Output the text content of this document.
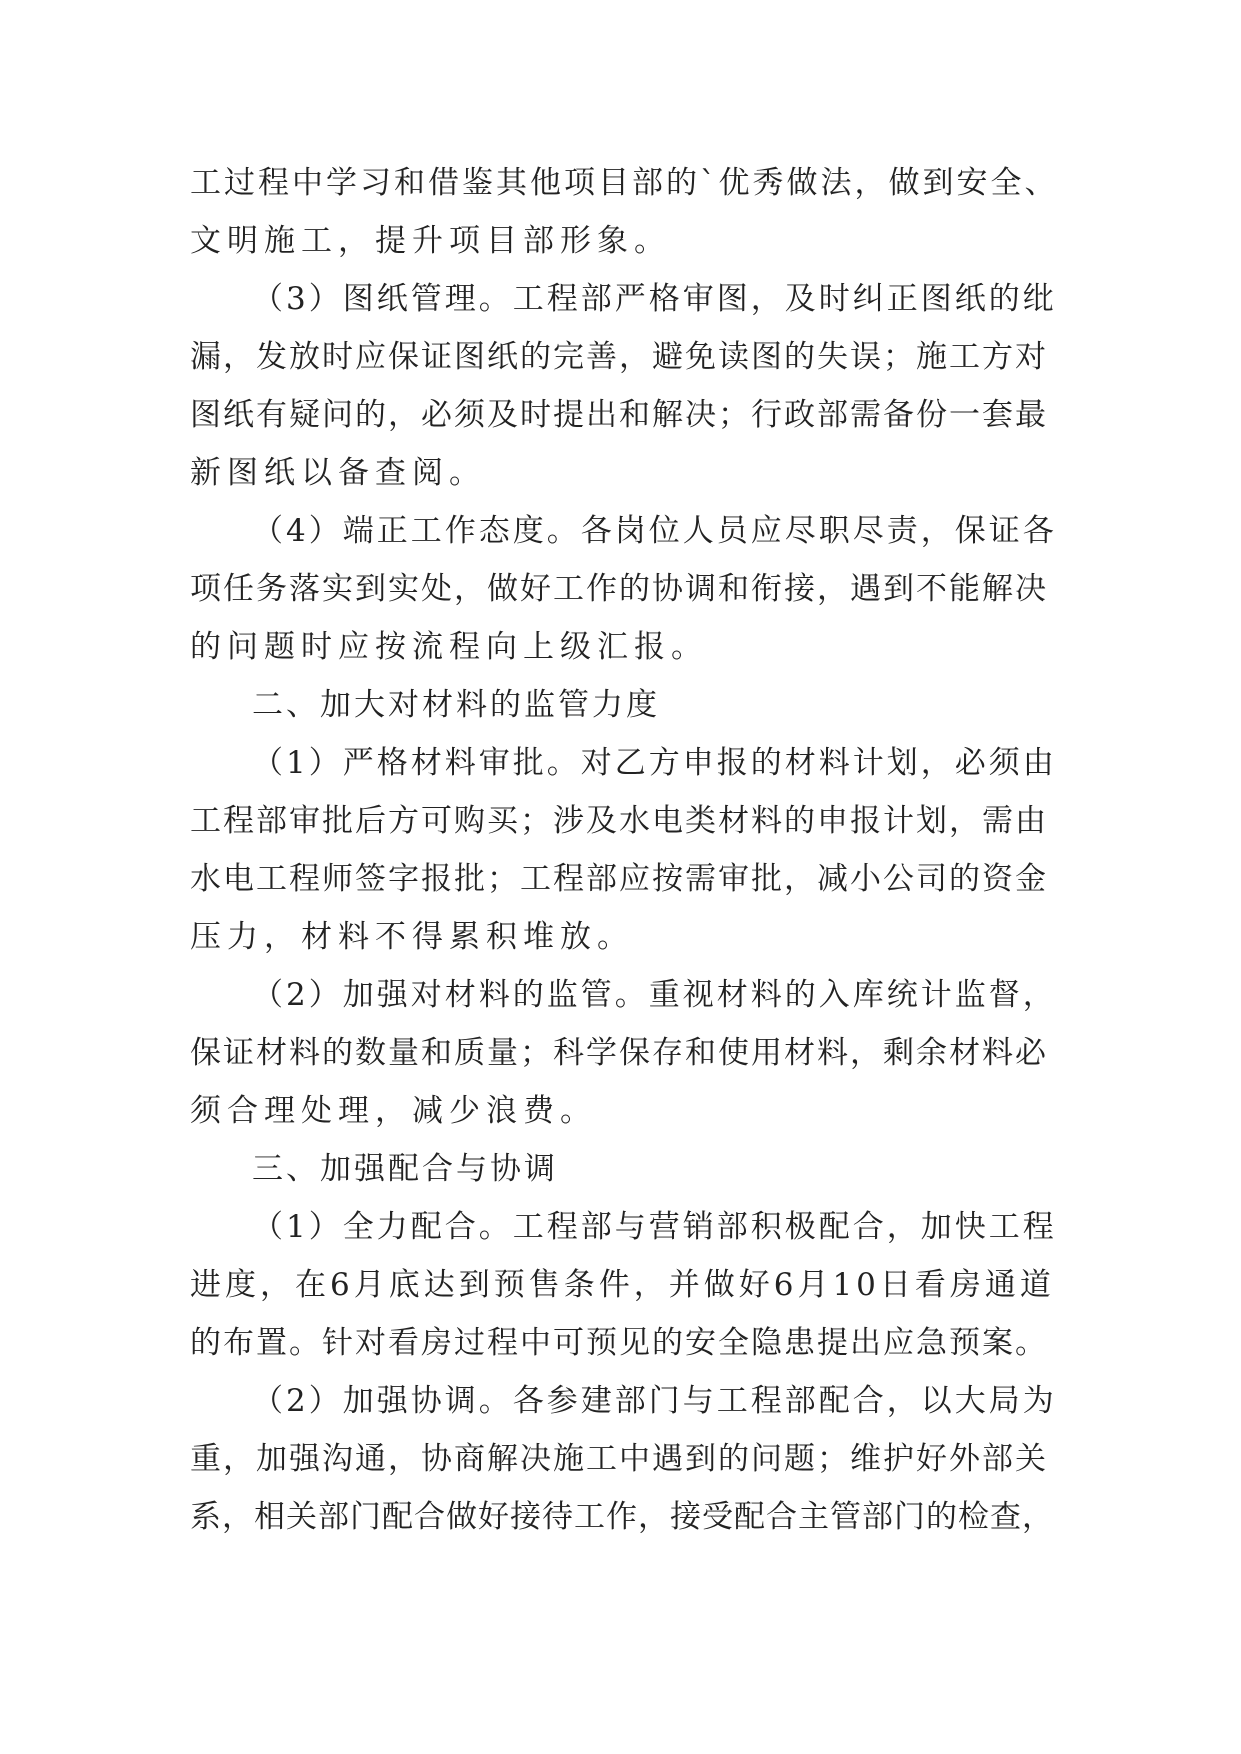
工过程中学习和借鉴其他项目部的`优秀做法，做到安全、
文明施工，提升项目部形象。
（3）图纸管理。工程部严格审图，及时纠正图纸的纰
漏，发放时应保证图纸的完善，避免读图的失误；施工方对
图纸有疑问的，必须及时提出和解决；行政部需备份一套最
新图纸以备查阅。
（4）端正工作态度。各岗位人员应尽职尽责，保证各
项任务落实到实处，做好工作的协调和衔接，遇到不能解决
的问题时应按流程向上级汇报。
二、加大对材料的监管力度
（1）严格材料审批。对乙方申报的材料计划，必须由
工程部审批后方可购买；涉及水电类材料的申报计划，需由
水电工程师签字报批；工程部应按需审批，减小公司的资金
压力，材料不得累积堆放。
（2）加强对材料的监管。重视材料的入库统计监督，
保证材料的数量和质量；科学保存和使用材料，剩余材料必
须合理处理，减少浪费。
三、加强配合与协调
（1）全力配合。工程部与营销部积极配合，加快工程
进度，在6月底达到预售条件，并做好6月10日看房通道
的布置。针对看房过程中可预见的安全隐患提出应急预案。
（2）加强协调。各参建部门与工程部配合，以大局为
重，加强沟通，协商解决施工中遇到的问题；维护好外部关
系，相关部门配合做好接待工作，接受配合主管部门的检查，
